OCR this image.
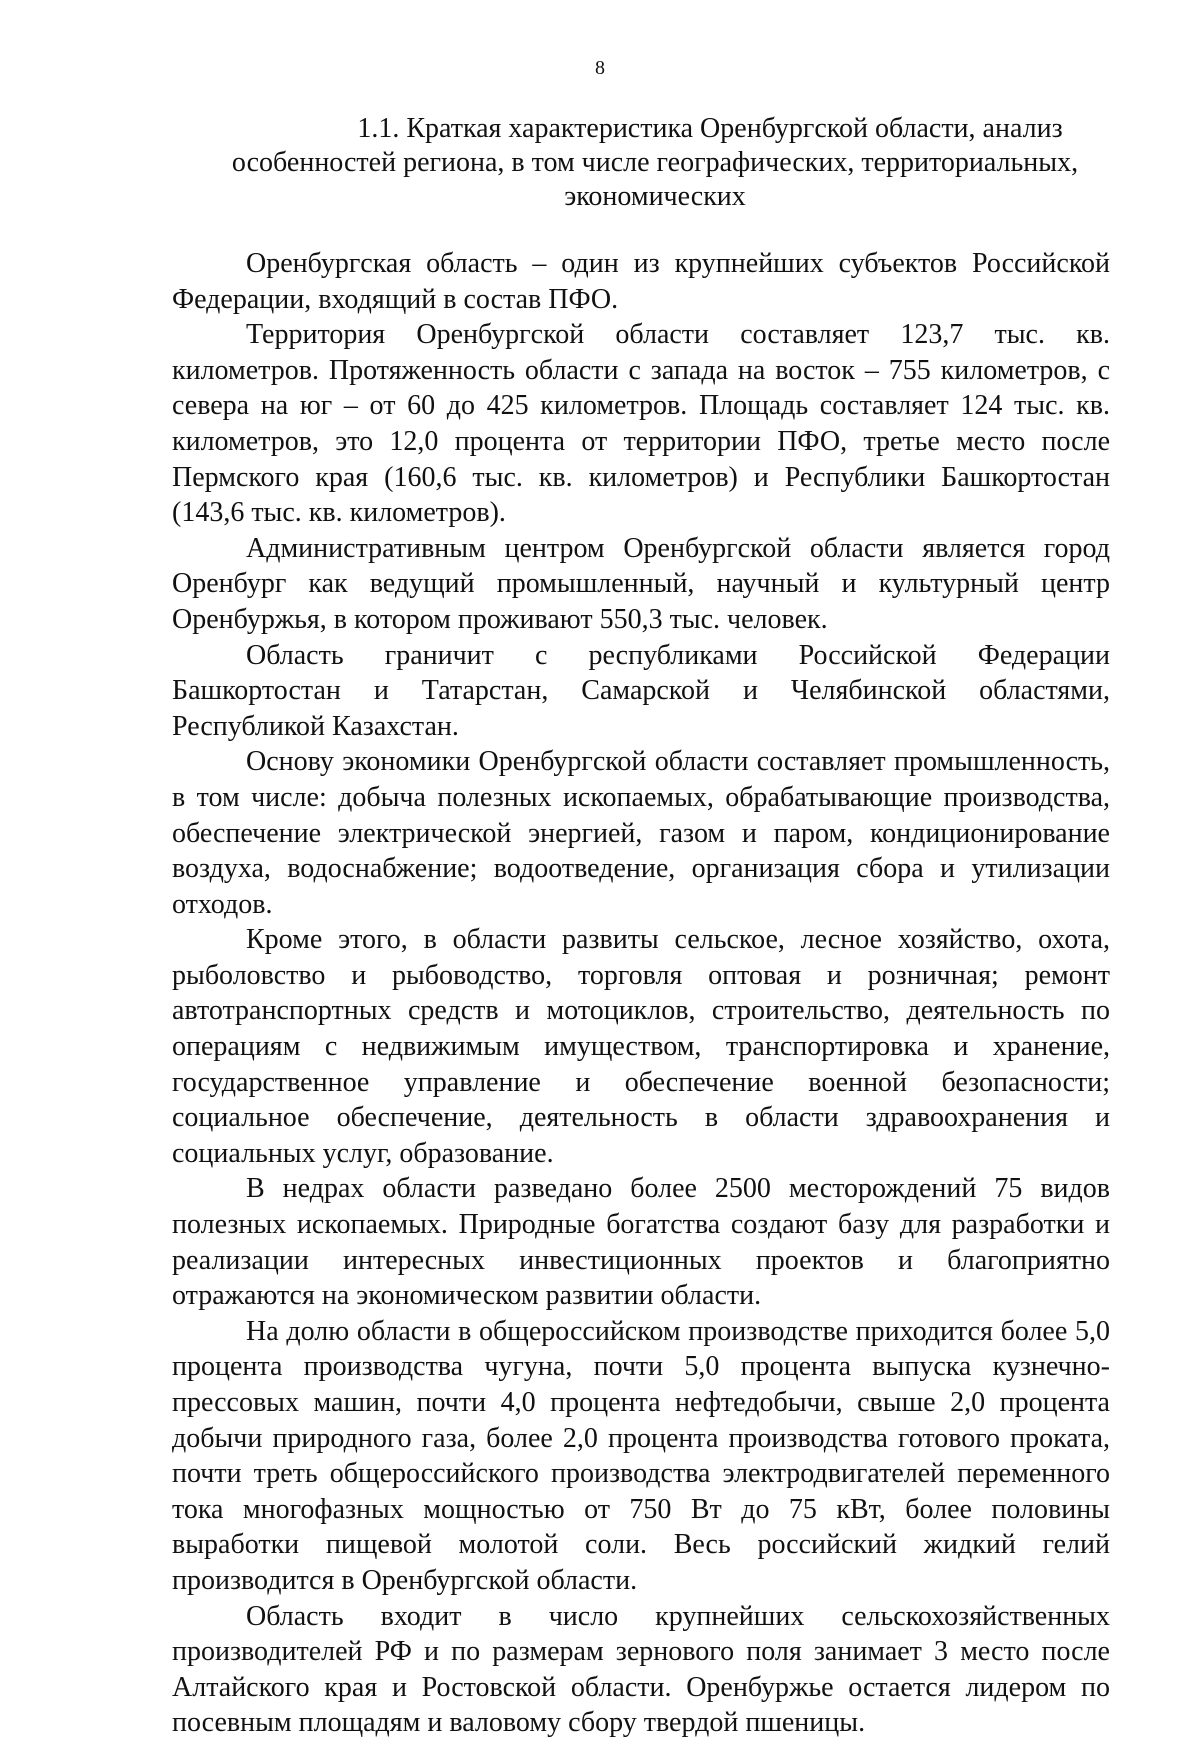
8
1.1. Краткая характеристика Оренбургской области, анализ
особенностей региона, в том числе географических, территориальных,
экономических

Оренбургская область – один из крупнейших субъектов Российской Федерации, входящий в состав ПФО.

Территория Оренбургской области составляет 123,7 тыс. кв. километров. Протяженность области с запада на восток – 755 километров, с севера на юг – от 60 до 425 километров. Площадь составляет 124 тыс. кв. километров, это 12,0 процента от территории ПФО, третье место после Пермского края (160,6 тыс. кв. километров) и Республики Башкортостан (143,6 тыс. кв. километров).

Административным центром Оренбургской области является город Оренбург как ведущий промышленный, научный и культурный центр Оренбуржья, в котором проживают 550,3 тыс. человек.

Область граничит с республиками Российской Федерации Башкортостан и Татарстан, Самарской и Челябинской областями, Республикой Казахстан.

Основу экономики Оренбургской области составляет промышленность, в том числе: добыча полезных ископаемых, обрабатывающие производства, обеспечение электрической энергией, газом и паром, кондиционирование воздуха, водоснабжение; водоотведение, организация сбора и утилизации отходов.

Кроме этого, в области развиты сельское, лесное хозяйство, охота, рыболовство и рыбоводство, торговля оптовая и розничная; ремонт автотранспортных средств и мотоциклов, строительство, деятельность по операциям с недвижимым имуществом, транспортировка и хранение, государственное управление и обеспечение военной безопасности; социальное обеспечение, деятельность в области здравоохранения и социальных услуг, образование.

В недрах области разведано более 2500 месторождений 75 видов полезных ископаемых. Природные богатства создают базу для разработки и реализации интересных инвестиционных проектов и благоприятно отражаются на экономическом развитии области.

На долю области в общероссийском производстве приходится более 5,0 процента производства чугуна, почти 5,0 процента выпуска кузнечно-прессовых машин, почти 4,0 процента нефтедобычи, свыше 2,0 процента добычи природного газа, более 2,0 процента производства готового проката, почти треть общероссийского производства электродвигателей переменного тока многофазных мощностью от 750 Вт до 75 кВт, более половины выработки пищевой молотой соли. Весь российский жидкий гелий производится в Оренбургской области.

Область входит в число крупнейших сельскохозяйственных производителей РФ и по размерам зернового поля занимает 3 место после Алтайского края и Ростовской области. Оренбуржье остается лидером по посевным площадям и валовому сбору твердой пшеницы.
